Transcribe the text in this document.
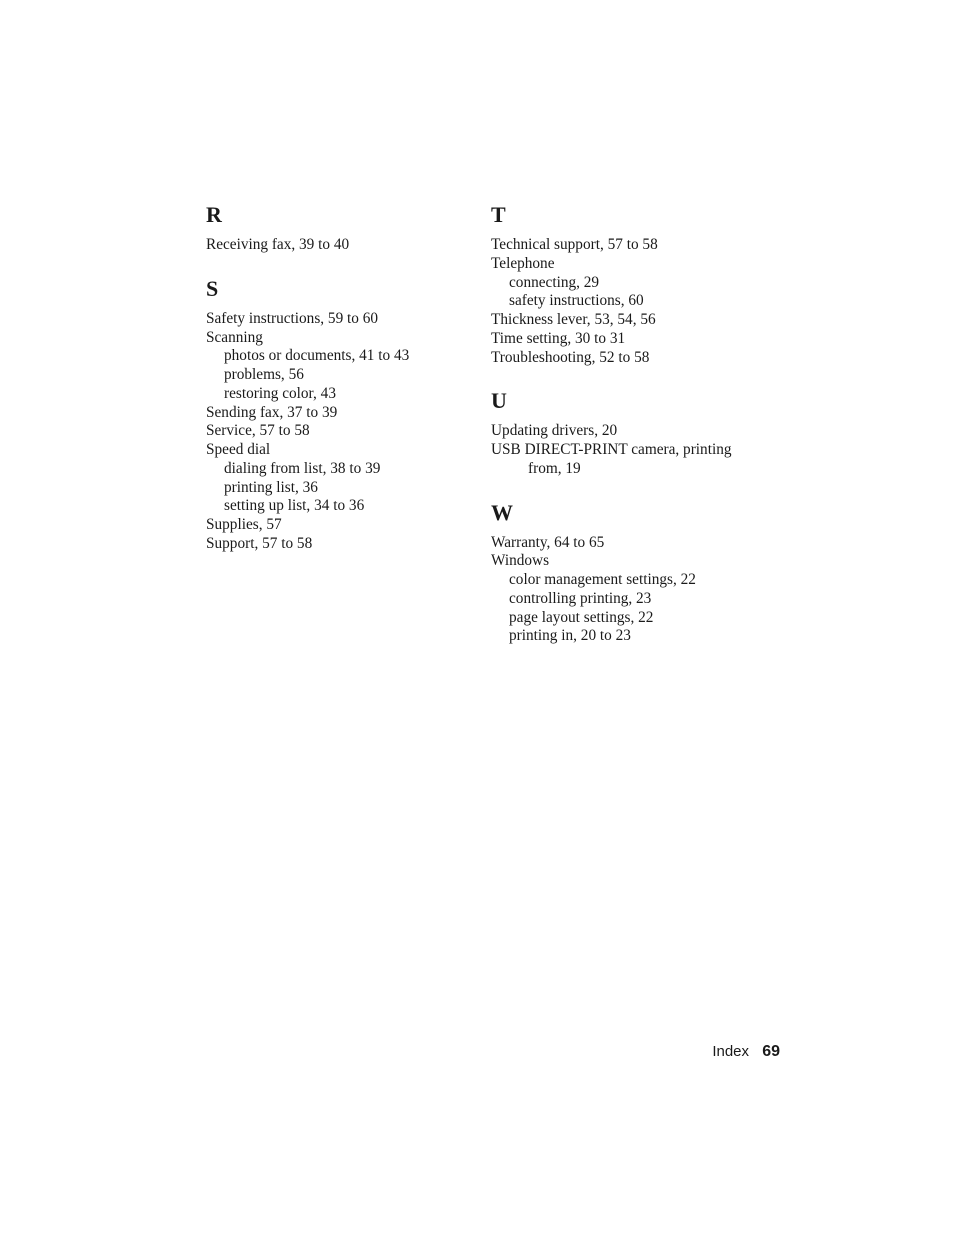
R
Receiving fax, 39 to 40
S
Safety instructions, 59 to 60
Scanning
photos or documents, 41 to 43
problems, 56
restoring color, 43
Sending fax, 37 to 39
Service, 57 to 58
Speed dial
dialing from list, 38 to 39
printing list, 36
setting up list, 34 to 36
Supplies, 57
Support, 57 to 58
T
Technical support, 57 to 58
Telephone
connecting, 29
safety instructions, 60
Thickness lever, 53, 54, 56
Time setting, 30 to 31
Troubleshooting, 52 to 58
U
Updating drivers, 20
USB DIRECT-PRINT camera, printing
from, 19
W
Warranty, 64 to 65
Windows
color management settings, 22
controlling printing, 23
page layout settings, 22
printing in, 20 to 23
Index 69
